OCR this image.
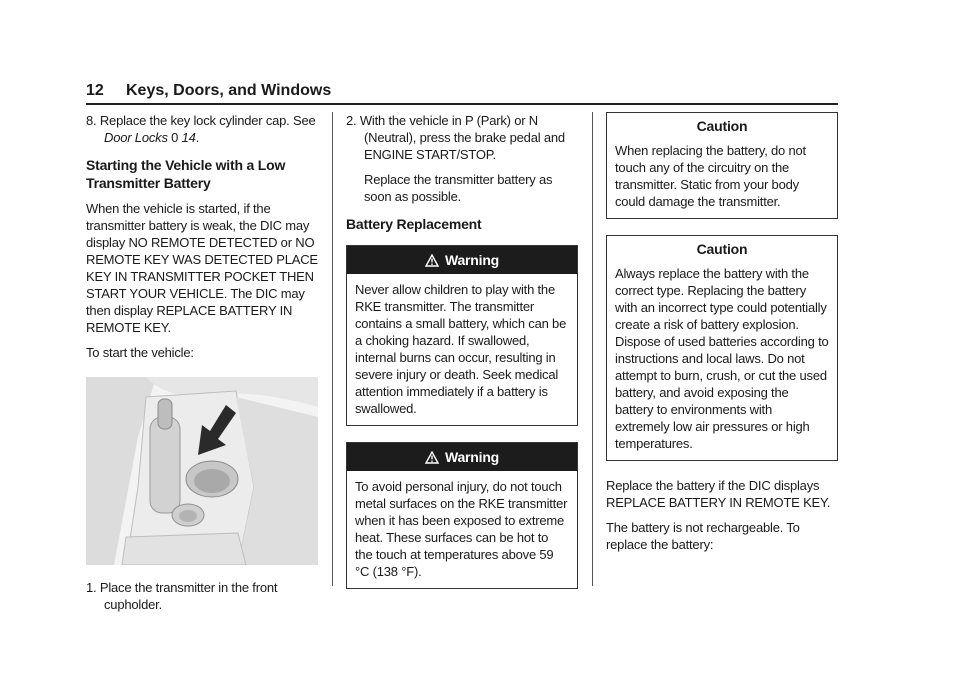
12 Keys, Doors, and Windows

8. Replace the key lock cylinder cap. See Door Locks 0 14.

Starting the Vehicle with a Low Transmitter Battery

When the vehicle is started, if the transmitter battery is weak, the DIC may display NO REMOTE DETECTED or NO REMOTE KEY WAS DETECTED PLACE KEY IN TRANSMITTER POCKET THEN START YOUR VEHICLE. The DIC may then display REPLACE BATTERY IN REMOTE KEY.

To start the vehicle:

1. Place the transmitter in the front cupholder.

2. With the vehicle in P (Park) or N (Neutral), press the brake pedal and ENGINE START/STOP.

Replace the transmitter battery as soon as possible.

Battery Replacement
Warning
Never allow children to play with the RKE transmitter. The transmitter contains a small battery, which can be a choking hazard. If swallowed, internal burns can occur, resulting in severe injury or death. Seek medical attention immediately if a battery is swallowed.
Warning
To avoid personal injury, do not touch metal surfaces on the RKE transmitter when it has been exposed to extreme heat. These surfaces can be hot to the touch at temperatures above 59 °C (138 °F).
Caution
When replacing the battery, do not touch any of the circuitry on the transmitter. Static from your body could damage the transmitter.
Caution
Always replace the battery with the correct type. Replacing the battery with an incorrect type could potentially create a risk of battery explosion. Dispose of used batteries according to instructions and local laws. Do not attempt to burn, crush, or cut the used battery, and avoid exposing the battery to environments with extremely low air pressures or high temperatures.

Replace the battery if the DIC displays REPLACE BATTERY IN REMOTE KEY.

The battery is not rechargeable. To replace the battery:
